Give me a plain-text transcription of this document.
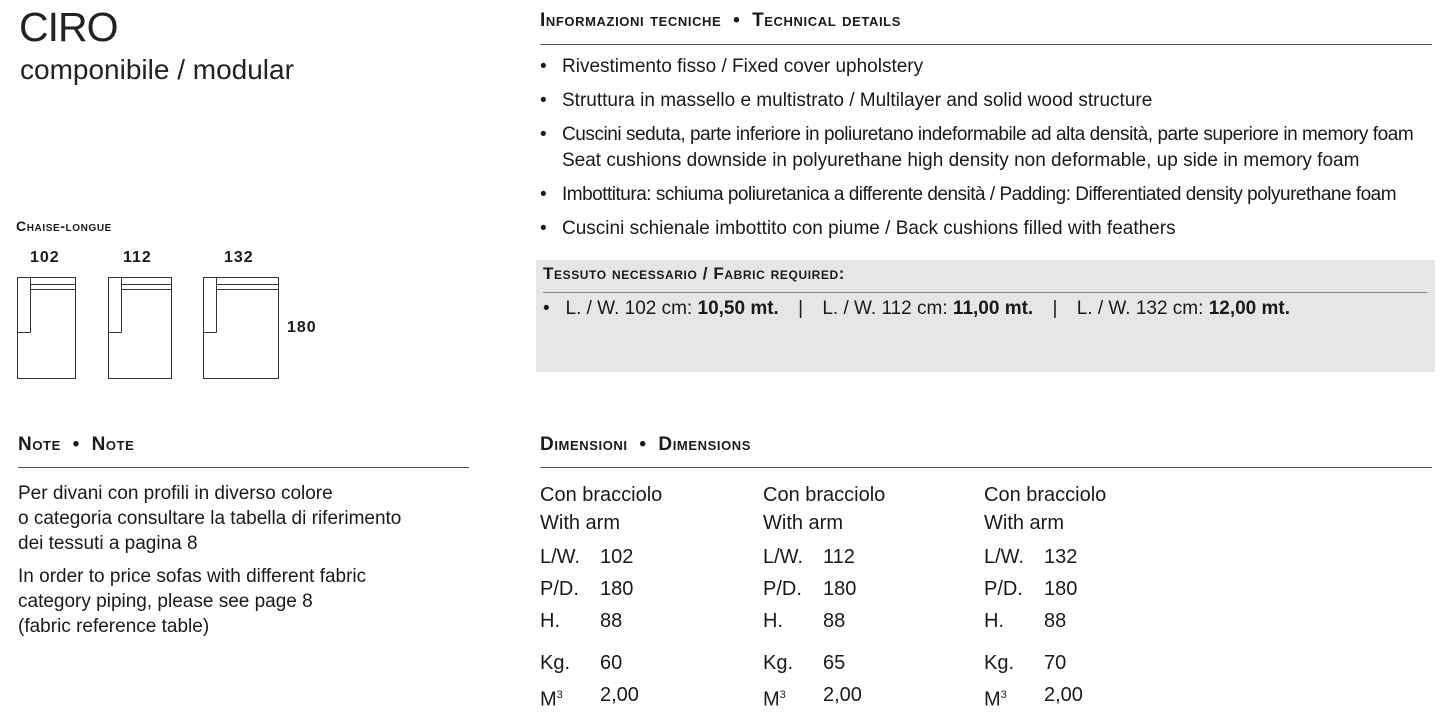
CIRO
componibile / modular
Informazioni tecniche  •  Technical details
• Rivestimento fisso / Fixed cover upholstery
• Struttura in massello e multistrato / Multilayer and solid wood structure
• Cuscini seduta, parte inferiore in poliuretano indeformabile ad alta densità, parte superiore in memory foam
Seat cushions downside in polyurethane high density non deformable, up side in memory foam
• Imbottitura: schiuma poliuretanica a differente densità / Padding: Differentiated density polyurethane foam
• Cuscini schienale imbottito con piume / Back cushions filled with feathers
Tessuto necessario / Fabric required:
•   L. / W. 102 cm: 10,50 mt. | L. / W. 112 cm: 11,00 mt. | L. / W. 132 cm: 12,00 mt.
Chaise-longue
102	112	132
180
Note  •  Note

Per divani con profili in diverso colore
o categoria consultare la tabella di riferimento
dei tessuti a pagina 8

In order to price sofas with different fabric
category piping, please see page 8
(fabric reference table)

Dimensioni  •  Dimensions
Con bracciolo
With arm
L/W. 102
P/D.	180
H.	88
Kg.	60
$M^3$	2,00
Con bracciolo
With arm
L/W. 112
P/D.	180
H.	88
Kg.	65
$M^3$	2,00
Con bracciolo
With arm
L/W. 132
P/D.	180
H.	88
Kg.	70
$M^3$	2,00
